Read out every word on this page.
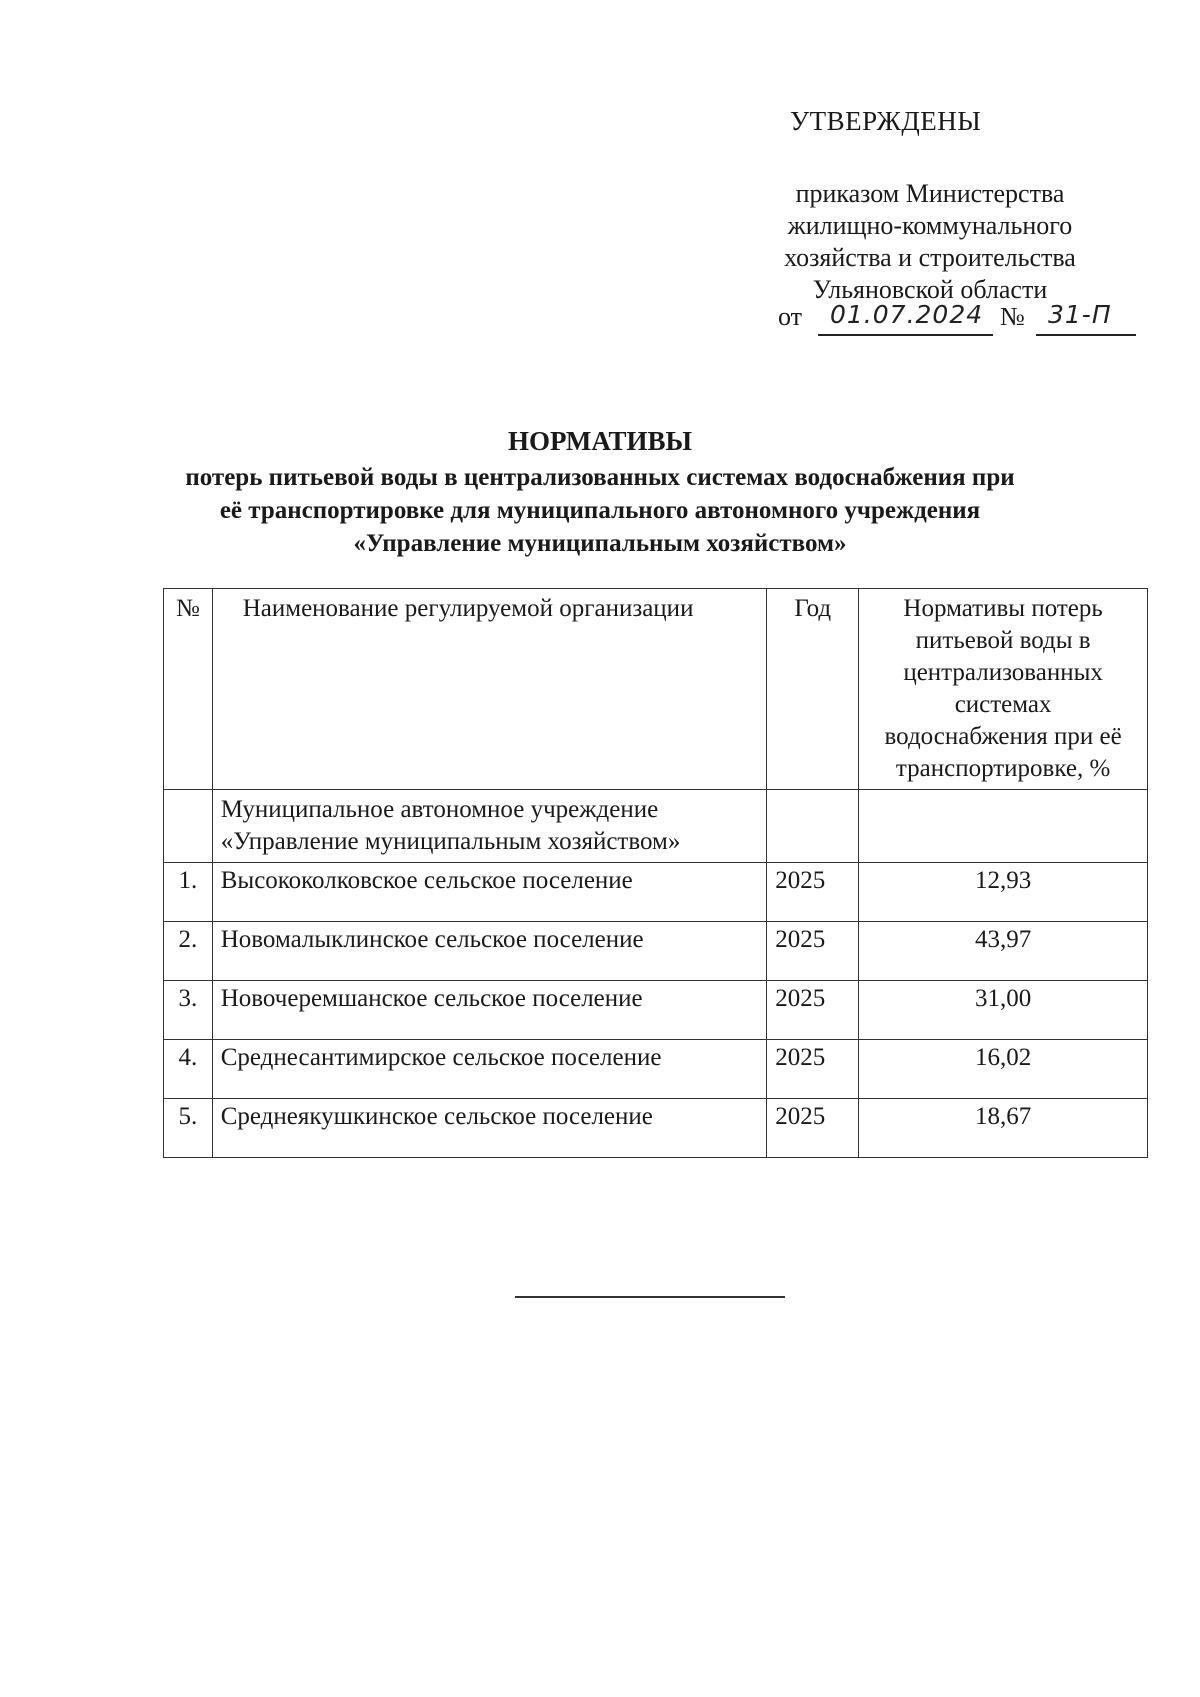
УТВЕРЖДЕНЫ
приказом Министерства
жилищно-коммунального
хозяйства и строительства
Ульяновской области
от 01.07.2024 № 31-П
НОРМАТИВЫ
потерь питьевой воды в централизованных системах водоснабжения при
её транспортировке для муниципального автономного учреждения
«Управление муниципальным хозяйством»
№	Наименование регулируемой организации	Год	Нормативы потерь питьевой воды в централизованных системах водоснабжения при её транспортировке, %
	Муниципальное автономное учреждение «Управление муниципальным хозяйством»		
1.	Высококолковское сельское поселение	2025	12,93
2.	Новомалыклинское сельское поселение	2025	43,97
3.	Новочеремшанское сельское поселение	2025	31,00
4.	Среднесантимирское сельское поселение	2025	16,02
5.	Среднеякушкинское сельское поселение	2025	18,67
